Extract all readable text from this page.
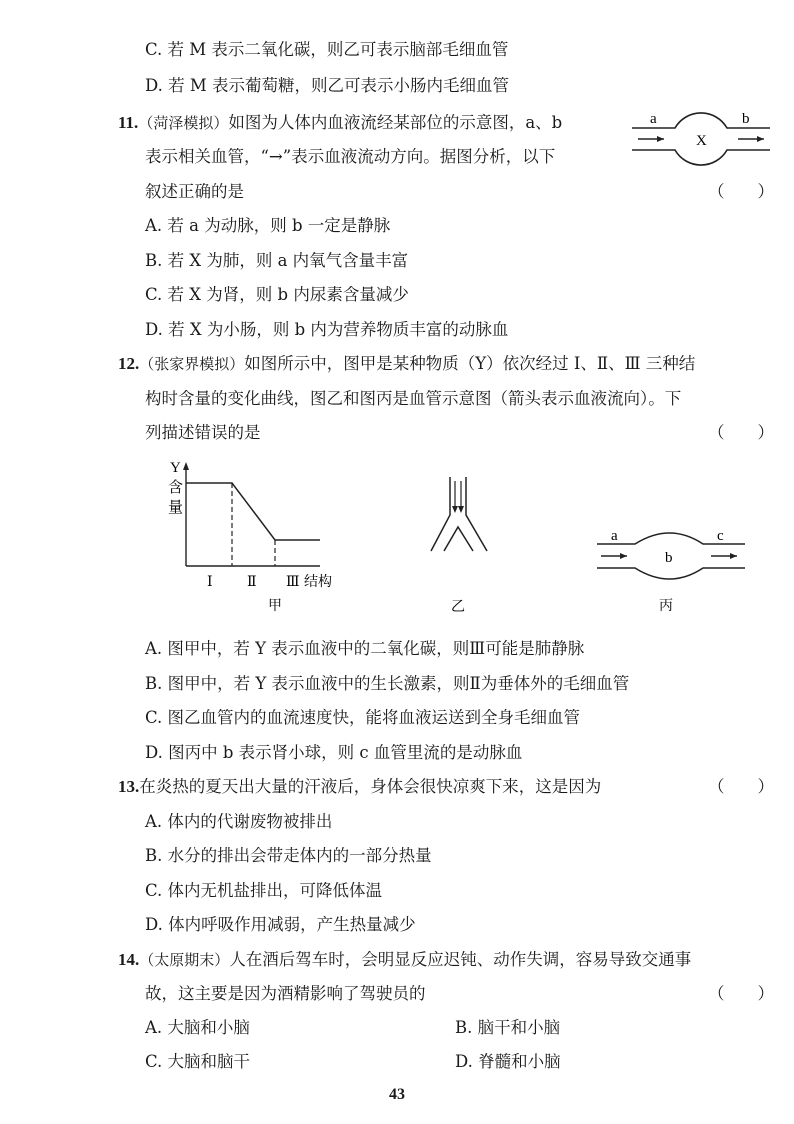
C. 若 M 表示二氧化碳，则乙可表示脑部毛细血管
D. 若 M 表示葡萄糖，则乙可表示小肠内毛细血管
11.（菏泽模拟）如图为人体内血液流经某部位的示意图，a、b
表示相关血管，“→”表示血液流动方向。据图分析，以下
叙述正确的是	（　　）
a	b
X
A. 若 a 为动脉，则 b 一定是静脉
B. 若 X 为肺，则 a 内氧气含量丰富
C. 若 X 为肾，则 b 内尿素含量减少
D. 若 X 为小肠，则 b 内为营养物质丰富的动脉血
12.（张家界模拟）如图所示中，图甲是某种物质（Y）依次经过 Ⅰ、Ⅱ、Ⅲ 三种结
构时含量的变化曲线，图乙和图丙是血管示意图（箭头表示血液流向）。下
列描述错误的是	（　　）
Y
含
量
Ⅰ Ⅱ Ⅲ 结构
甲	乙
a
b
c
丙
A. 图甲中，若 Y 表示血液中的二氧化碳，则Ⅲ可能是肺静脉
B. 图甲中，若 Y 表示血液中的生长激素，则Ⅱ为垂体外的毛细血管
C. 图乙血管内的血流速度快，能将血液运送到全身毛细血管
D. 图丙中 b 表示肾小球，则 c 血管里流的是动脉血
13.在炎热的夏天出大量的汗液后，身体会很快凉爽下来，这是因为	（　　）
A. 体内的代谢废物被排出
B. 水分的排出会带走体内的一部分热量
C. 体内无机盐排出，可降低体温
D. 体内呼吸作用减弱，产生热量减少
14.（太原期末）人在酒后驾车时，会明显反应迟钝、动作失调，容易导致交通事
故，这主要是因为酒精影响了驾驶员的	（　　）
A. 大脑和小脑	B. 脑干和小脑
C. 大脑和脑干	D. 脊髓和小脑
43
